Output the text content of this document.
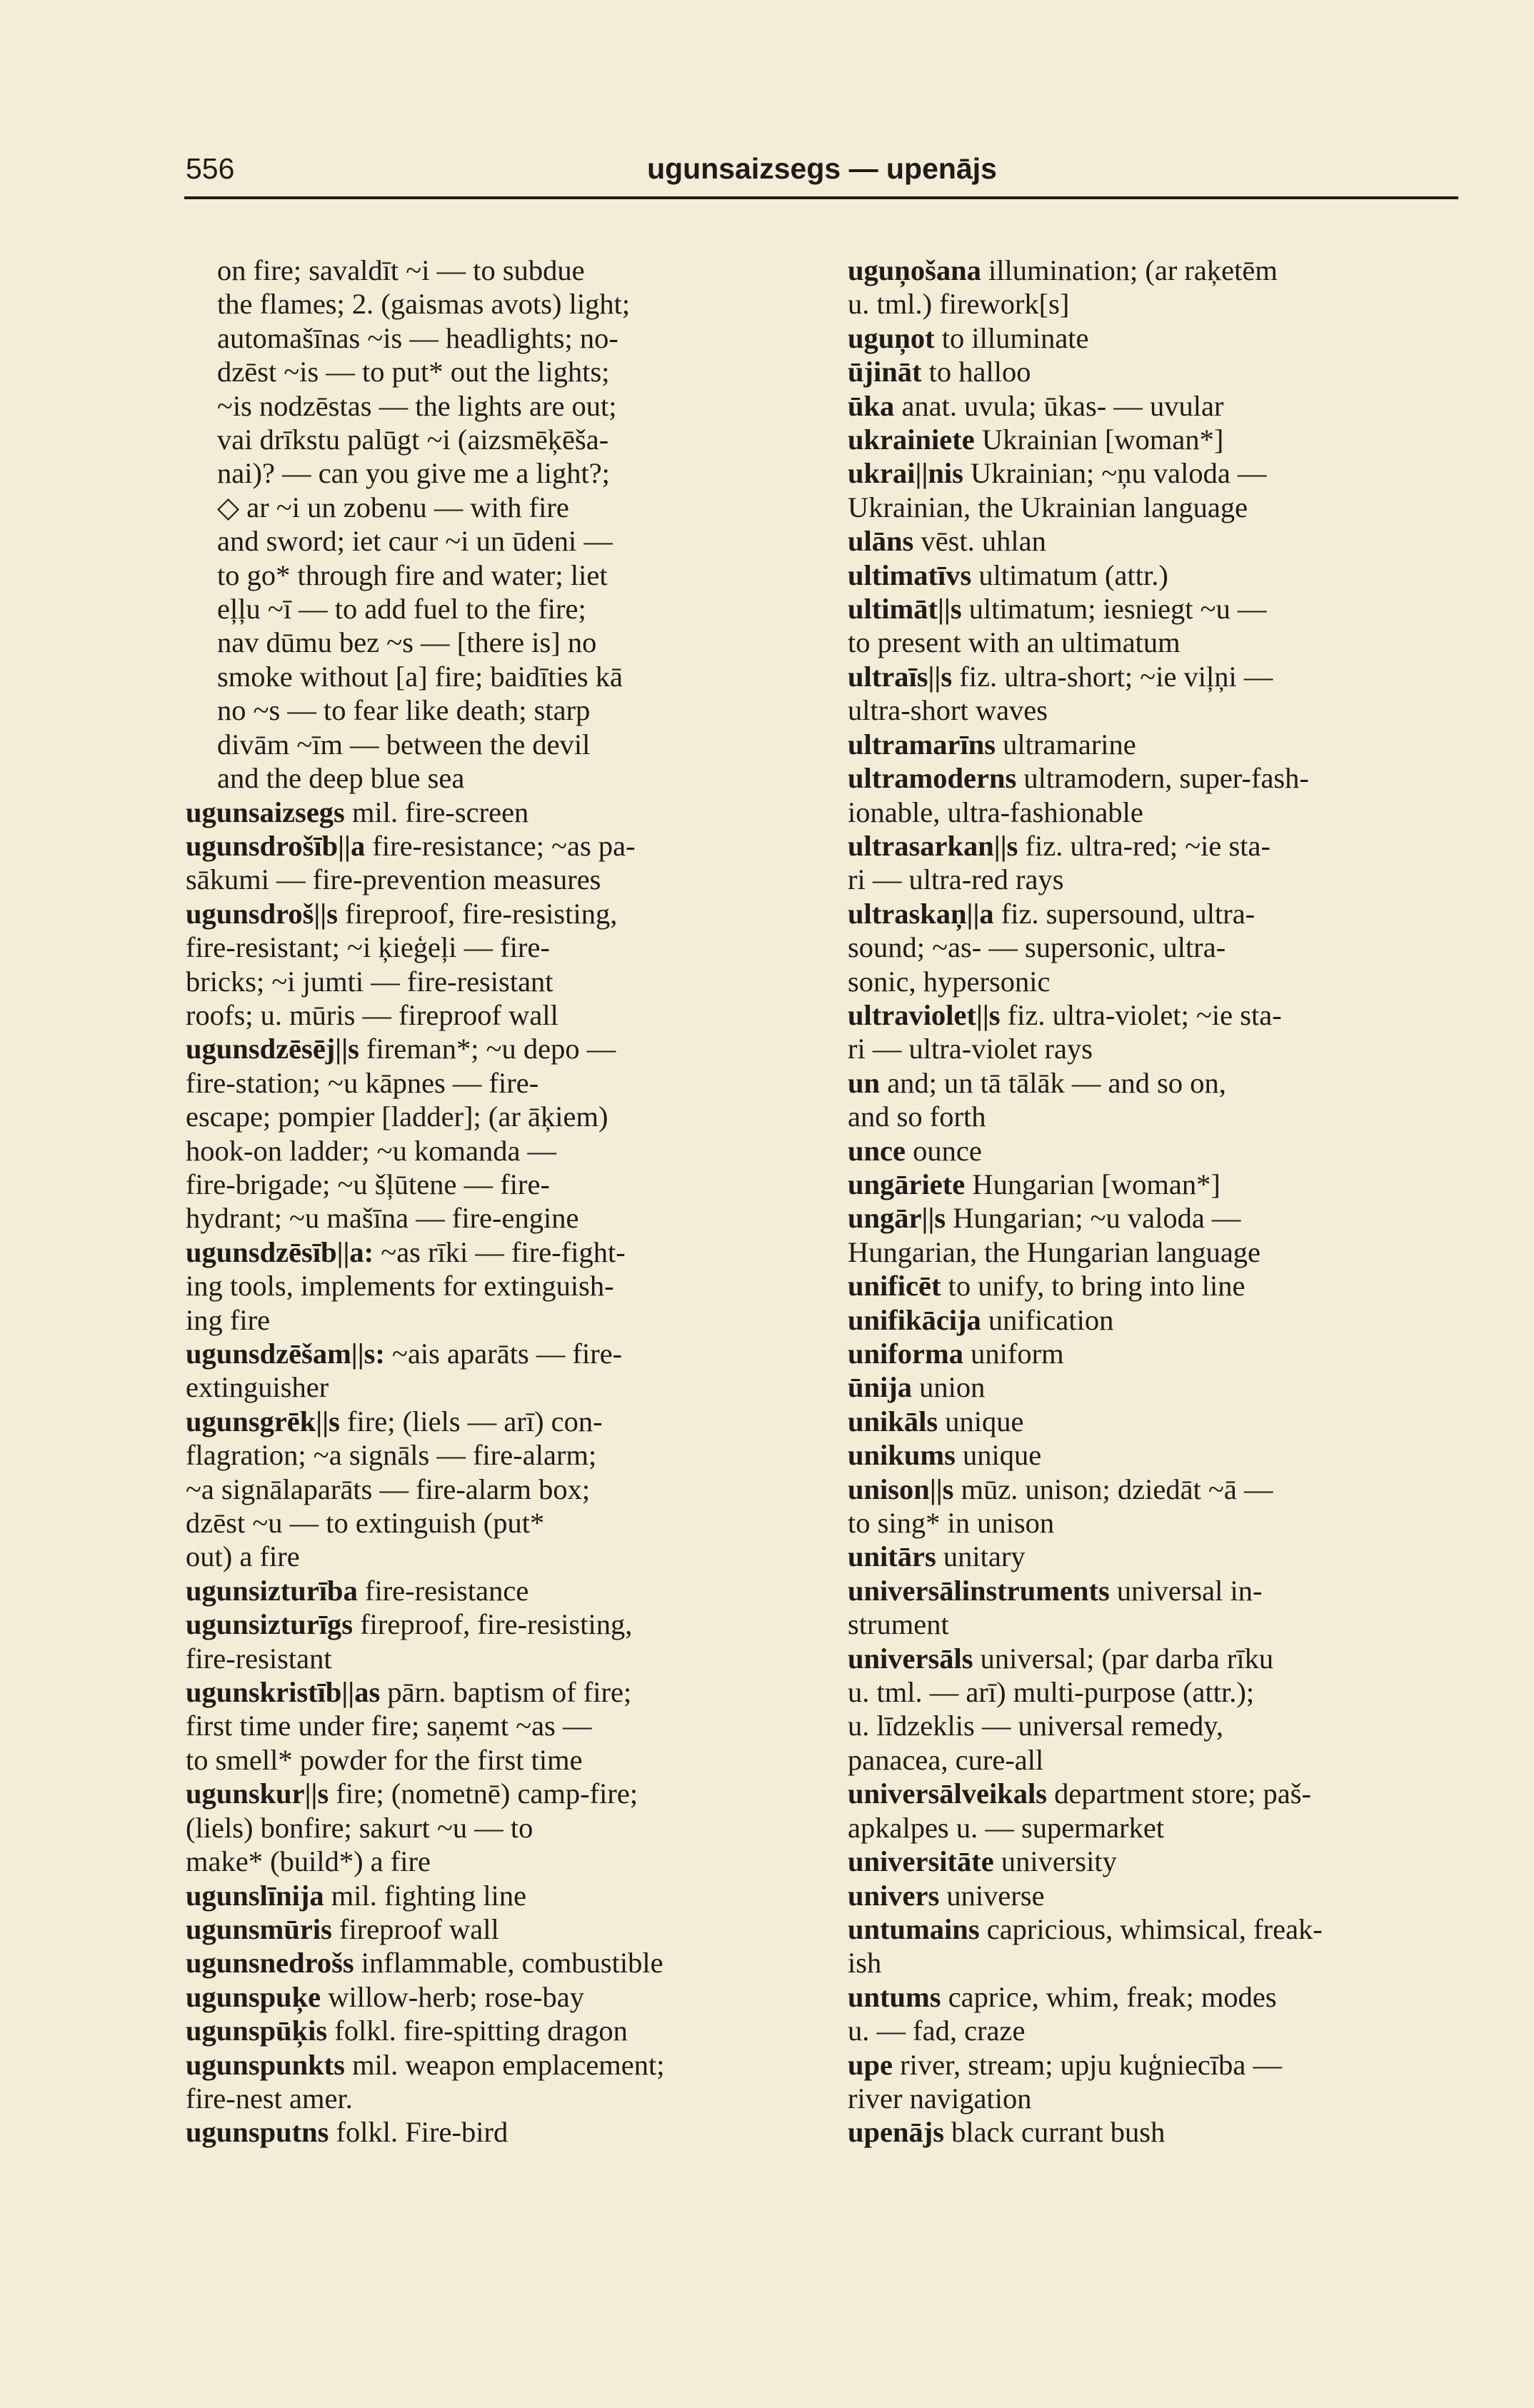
556	ugunsaizsegs — upenājs

on fire; savaldīt ~i — to subdue
the flames; 2. (gaismas avots) light;
automašīnas ~is — headlights; no-
dzēst ~is — to put* out the lights;
~is nodzēstas — the lights are out;
vai drīkstu palūgt ~i (aizsmēķēša-
nai)? — can you give me a light?;
◇ ar ~i un zobenu — with fire
and sword; iet caur ~i un ūdeni —
to go* through fire and water; liet
eļļu ~ī — to add fuel to the fire;
nav dūmu bez ~s — [there is] no
smoke without [a] fire; baidīties kā
no ~s — to fear like death; starp
divām ~īm — between the devil
and the deep blue sea

ugunsaizsegs mil. fire-screen

ugunsdrošīb||a fire-resistance; ~as pa-
sākumi — fire-prevention measures

ugunsdroš||s fireproof, fire-resisting,
fire-resistant; ~i ķieģeļi — fire-
bricks; ~i jumti — fire-resistant
roofs; u. mūris — fireproof wall

ugunsdzēsēj||s fireman*; ~u depo —
fire-station; ~u kāpnes — fire-
escape; pompier [ladder]; (ar āķiem)
hook-on ladder; ~u komanda —
fire-brigade; ~u šļūtene — fire-
hydrant; ~u mašīna — fire-engine

ugunsdzēsīb||a: ~as rīki — fire-fight-
ing tools, implements for extinguish-
ing fire

ugunsdzēšam||s: ~ais aparāts — fire-
extinguisher

ugunsgrēk||s fire; (liels — arī) con-
flagration; ~a signāls — fire-alarm;
~a signālaparāts — fire-alarm box;
dzēst ~u — to extinguish (put*
out) a fire

ugunsizturība fire-resistance

ugunsizturīgs fireproof, fire-resisting,
fire-resistant

ugunskristīb||as pārn. baptism of fire;
first time under fire; saņemt ~as —
to smell* powder for the first time

ugunskur||s fire; (nometnē) camp-fire;
(liels) bonfire; sakurt ~u — to
make* (build*) a fire

ugunslīnija mil. fighting line

ugunsmūris fireproof wall

ugunsnedrošs inflammable, combustible

ugunspuķe willow-herb; rose-bay

ugunspūķis folkl. fire-spitting dragon

ugunspunkts mil. weapon emplacement;
fire-nest amer.

ugunsputns folkl. Fire-bird

uguņošana illumination; (ar raķetēm
u. tml.) firework[s]

uguņot to illuminate

ūjināt to halloo

ūka anat. uvula; ūkas- — uvular

ukrainiete Ukrainian [woman*]

ukrai||nis Ukrainian; ~ņu valoda —
Ukrainian, the Ukrainian language

ulāns vēst. uhlan

ultimatīvs ultimatum (attr.)

ultimāt||s ultimatum; iesniegt ~u —
to present with an ultimatum

ultraīs||s fiz. ultra-short; ~ie viļņi —
ultra-short waves

ultramarīns ultramarine

ultramoderns ultramodern, super-fash-
ionable, ultra-fashionable

ultrasarkan||s fiz. ultra-red; ~ie sta-
ri — ultra-red rays

ultraskaņ||a fiz. supersound, ultra-
sound; ~as- — supersonic, ultra-
sonic, hypersonic

ultraviolet||s fiz. ultra-violet; ~ie sta-
ri — ultra-violet rays

un and; un tā tālāk — and so on,
and so forth

unce ounce

ungāriete Hungarian [woman*]

ungār||s Hungarian; ~u valoda —
Hungarian, the Hungarian language

unificēt to unify, to bring into line

unifikācija unification

uniforma uniform

ūnija union

unikāls unique

unikums unique

unison||s mūz. unison; dziedāt ~ā —
to sing* in unison

unitārs unitary

universālinstruments universal in-
strument

universāls universal; (par darba rīku
u. tml. — arī) multi-purpose (attr.);
u. līdzeklis — universal remedy,
panacea, cure-all

universālveikals department store; paš-
apkalpes u. — supermarket

universitāte university

univers universe

untumains capricious, whimsical, freak-
ish

untums caprice, whim, freak; modes
u. — fad, craze

upe river, stream; upju kuģniecība —
river navigation

upenājs black currant bush
